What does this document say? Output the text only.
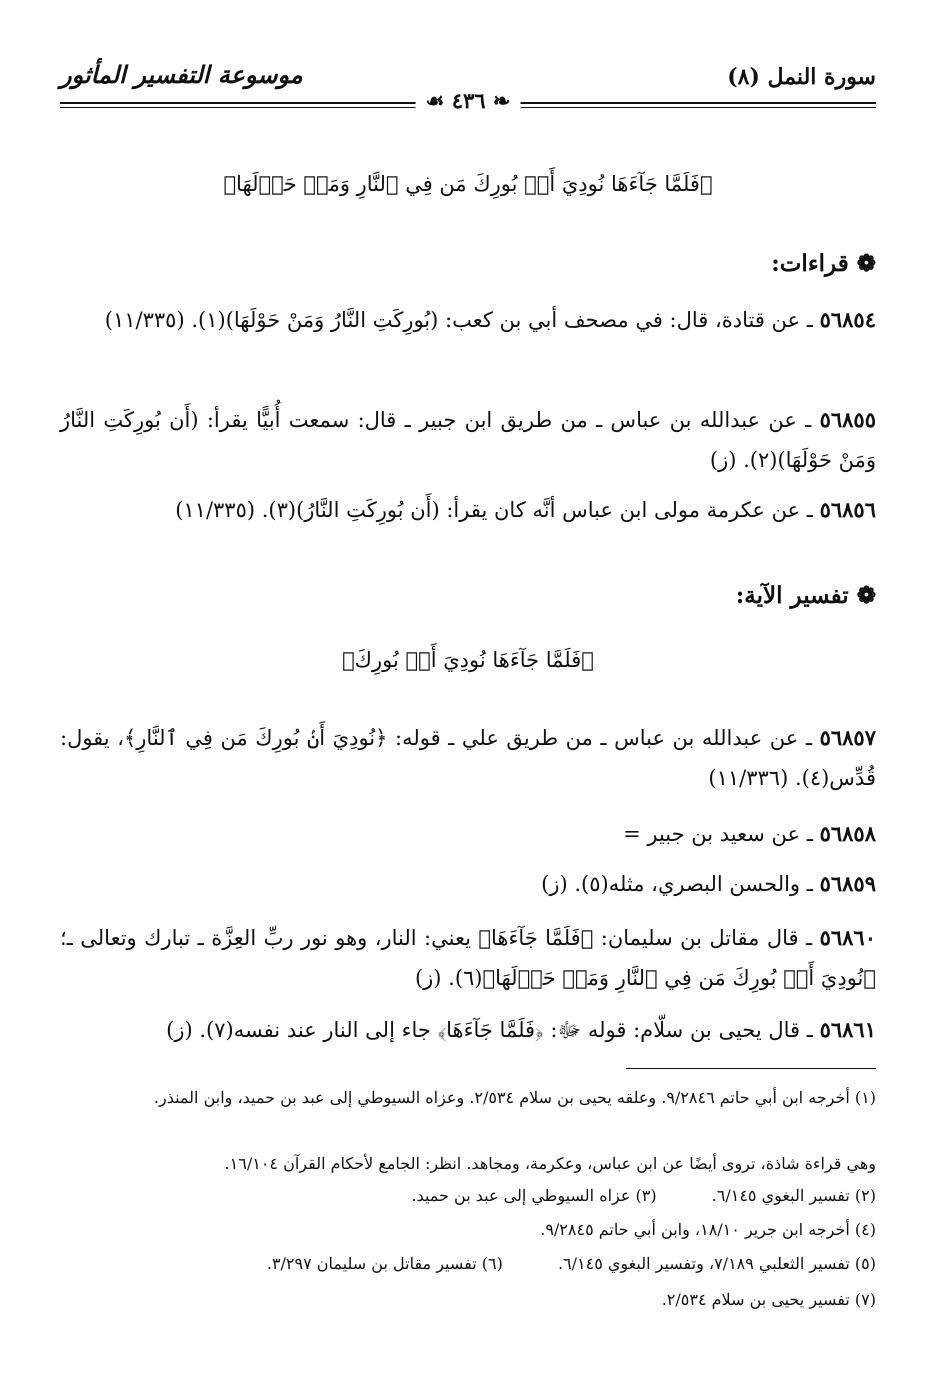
سورة النمل (٨)
موسوعة التفسير المأثور
❧ ٤٣٦ ☙
﴿فَلَمَّا جَآءَهَا نُودِيَ أَنۢ بُورِكَ مَن فِي ٱلنَّارِ وَمَنۡ حَوۡلَهَا﴾
❁قراءات:
٥٦٨٥٤ ـ عن قتادة، قال: في مصحف أبي بن كعب: (بُورِكَتِ النَّارُ وَمَنْ حَوْلَهَا)(١). (١١/٣٣٥)
٥٦٨٥٥ ـ عن عبدالله بن عباس ـ من طريق ابن جبير ـ قال: سمعت أُبيًّا يقرأ: (أَن بُورِكَتِ النَّارُ وَمَنْ حَوْلَهَا)(٢). (ز)
٥٦٨٥٦ ـ عن عكرمة مولى ابن عباس أنَّه كان يقرأ: (أَن بُورِكَتِ النَّارُ)(٣). (١١/٣٣٥)
❁تفسير الآية:
﴿فَلَمَّا جَآءَهَا نُودِيَ أَنۢ بُورِكَ﴾
٥٦٨٥٧ ـ عن عبدالله بن عباس ـ من طريق علي ـ قوله: ﴿نُودِيَ أَنۢ بُورِكَ مَن فِي ٱلنَّارِ﴾، يقول: قُدِّس(٤). (١١/٣٣٦)
٥٦٨٥٨ ـ عن سعيد بن جبير =
٥٦٨٥٩ ـ والحسن البصري، مثله(٥). (ز)
٥٦٨٦٠ ـ قال مقاتل بن سليمان: ﴿فَلَمَّا جَآءَهَا﴾ يعني: النار، وهو نور ربِّ العِزَّة ـ تبارك وتعالى ـ؛ ﴿نُودِيَ أَنۢ بُورِكَ مَن فِي ٱلنَّارِ وَمَنۡ حَوۡلَهَا﴾(٦). (ز)
٥٦٨٦١ ـ قال يحيى بن سلّام: قوله ﷻ: ﴿فَلَمَّا جَآءَهَا﴾ جاء إلى النار عند نفسه(٧). (ز)
(١) أخرجه ابن أبي حاتم ٩/٢٨٤٦. وعلقه يحيى بن سلام ٢/٥٣٤. وعزاه السيوطي إلى عبد بن حميد، وابن المنذر.
وهي قراءة شاذة، تروى أيضًا عن ابن عباس، وعكرمة، ومجاهد. انظر: الجامع لأحكام القرآن ١٦/١٠٤.
(٢) تفسير البغوي ٦/١٤٥. (٣) عزاه السيوطي إلى عبد بن حميد.
(٤) أخرجه ابن جرير ١٨/١٠، وابن أبي حاتم ٩/٢٨٤٥.
(٥) تفسير الثعلبي ٧/١٨٩، وتفسير البغوي ٦/١٤٥. (٦) تفسير مقاتل بن سليمان ٣/٢٩٧.
(٧) تفسير يحيى بن سلام ٢/٥٣٤.
